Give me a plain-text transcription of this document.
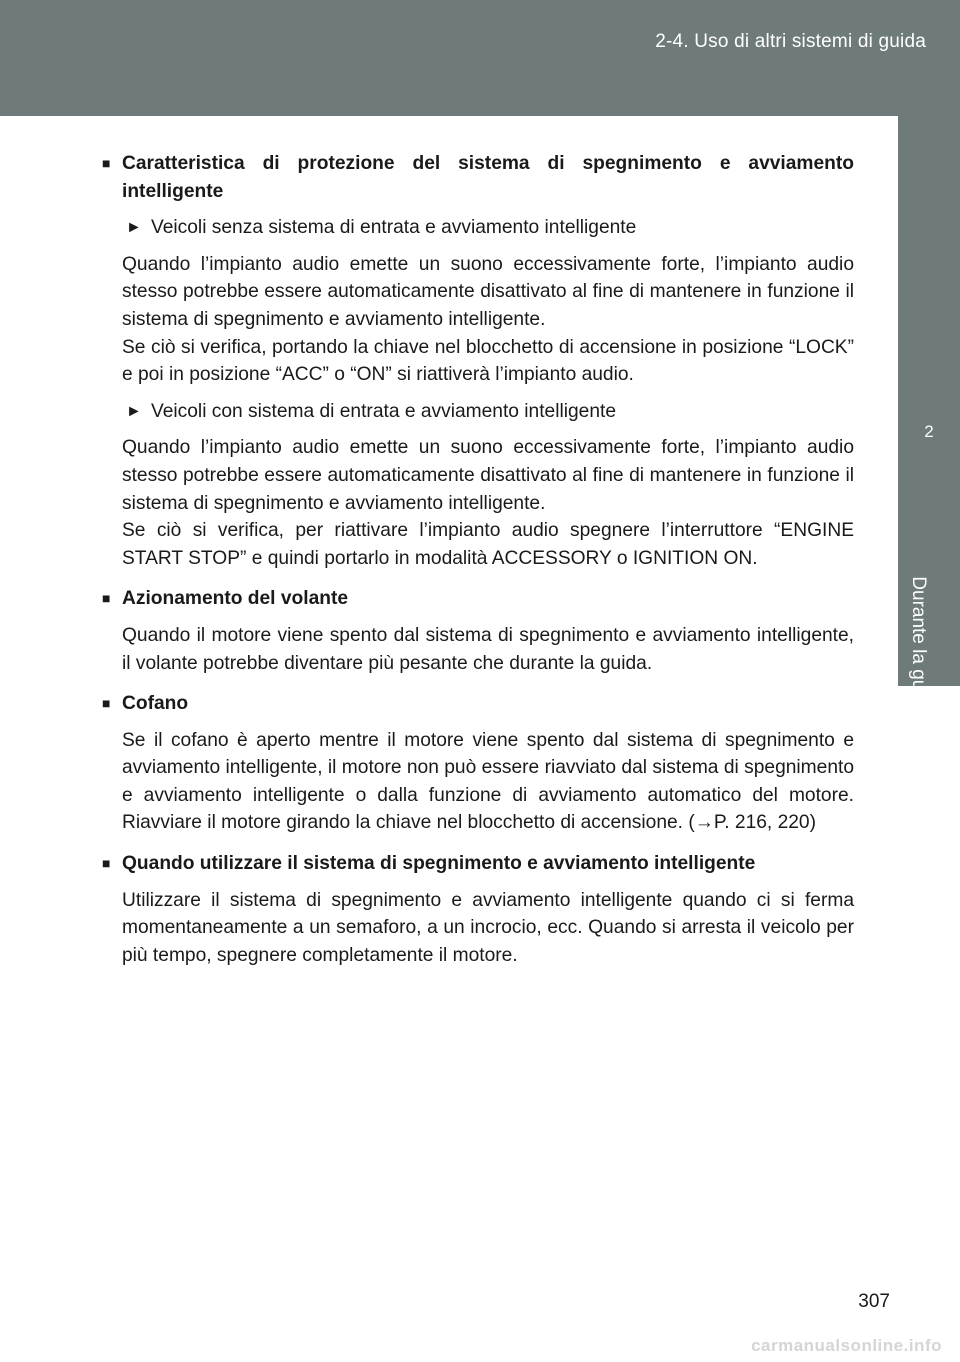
2-4. Uso di altri sistemi di guida
2
Durante la guida
■ Caratteristica di protezione del sistema di spegnimento e avviamento intelligente
► Veicoli senza sistema di entrata e avviamento intelligente

Quando l’impianto audio emette un suono eccessivamente forte, l’impianto audio stesso potrebbe essere automaticamente disattivato al fine di mantenere in funzione il sistema di spegnimento e avviamento intelligente.

Se ciò si verifica, portando la chiave nel blocchetto di accensione in posizione “LOCK” e poi in posizione “ACC” o “ON” si riattiverà l’impianto audio.

► Veicoli con sistema di entrata e avviamento intelligente

Quando l’impianto audio emette un suono eccessivamente forte, l’impianto audio stesso potrebbe essere automaticamente disattivato al fine di mantenere in funzione il sistema di spegnimento e avviamento intelligente.

Se ciò si verifica, per riattivare l’impianto audio spegnere l’interruttore “ENGINE START STOP” e quindi portarlo in modalità ACCESSORY o IGNITION ON.

■ Azionamento del volante

Quando il motore viene spento dal sistema di spegnimento e avviamento intelligente, il volante potrebbe diventare più pesante che durante la guida.

■ Cofano

Se il cofano è aperto mentre il motore viene spento dal sistema di spegnimento e avviamento intelligente, il motore non può essere riavviato dal sistema di spegnimento e avviamento intelligente o dalla funzione di avviamento automatico del motore. Riavviare il motore girando la chiave nel blocchetto di accensione. (→P. 216, 220)

■ Quando utilizzare il sistema di spegnimento e avviamento intelligente

Utilizzare il sistema di spegnimento e avviamento intelligente quando ci si ferma momentaneamente a un semaforo, a un incrocio, ecc. Quando si arresta il veicolo per più tempo, spegnere completamente il motore.

307
carmanualsonline.info
